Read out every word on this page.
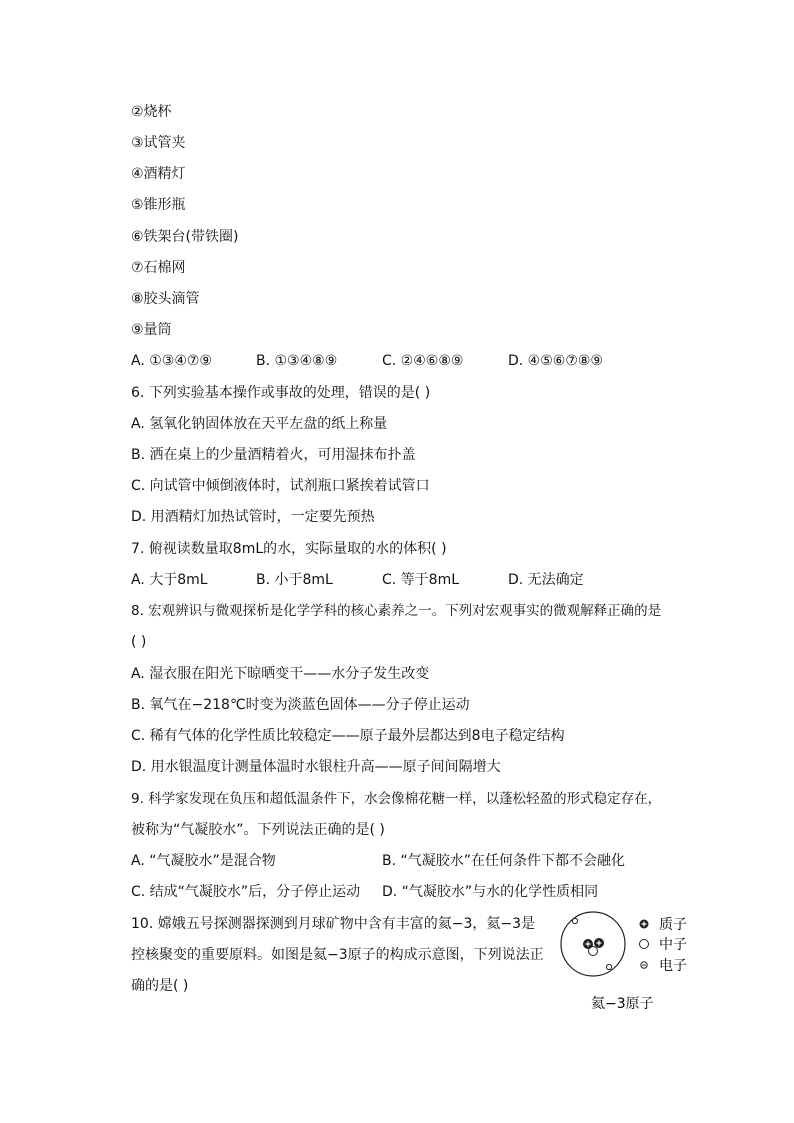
②烧杯
③试管夹
④酒精灯
⑤锥形瓶
⑥铁架台(带铁圈)
⑦石棉网
⑧胶头滴管
⑨量筒
A. ①③④⑦⑨	B. ①③④⑧⑨	C. ②④⑥⑧⑨	D. ④⑤⑥⑦⑧⑨
6. 下列实验基本操作或事故的处理，错误的是( )
A. 氢氧化钠固体放在天平左盘的纸上称量
B. 洒在桌上的少量酒精着火，可用湿抹布扑盖
C. 向试管中倾倒液体时，试剂瓶口紧挨着试管口
D. 用酒精灯加热试管时，一定要先预热
7. 俯视读数量取8mL的水，实际量取的水的体积( )
A. 大于8mL	B. 小于8mL	C. 等于8mL	D. 无法确定
8. 宏观辨识与微观探析是化学学科的核心素养之一。下列对宏观事实的微观解释正确的是
( )
A. 湿衣服在阳光下晾晒变干——水分子发生改变
B. 氧气在−218℃时变为淡蓝色固体——分子停止运动
C. 稀有气体的化学性质比较稳定——原子最外层都达到8电子稳定结构
D. 用水银温度计测量体温时水银柱升高——原子间间隔增大
9. 科学家发现在负压和超低温条件下，水会像棉花糖一样，以蓬松轻盈的形式稳定存在，
被称为“气凝胶水”。下列说法正确的是( )
A. “气凝胶水”是混合物	B. “气凝胶水”在任何条件下都不会融化
C. 结成“气凝胶水”后，分子停止运动 D. “气凝胶水”与水的化学性质相同
10. 嫦娥五号探测器探测到月球矿物中含有丰富的氦−3，氦−3是
控核聚变的重要原料。如图是氦−3原子的构成示意图，下列说法正
确的是( )
质子
中子
电子
氦−3原子
